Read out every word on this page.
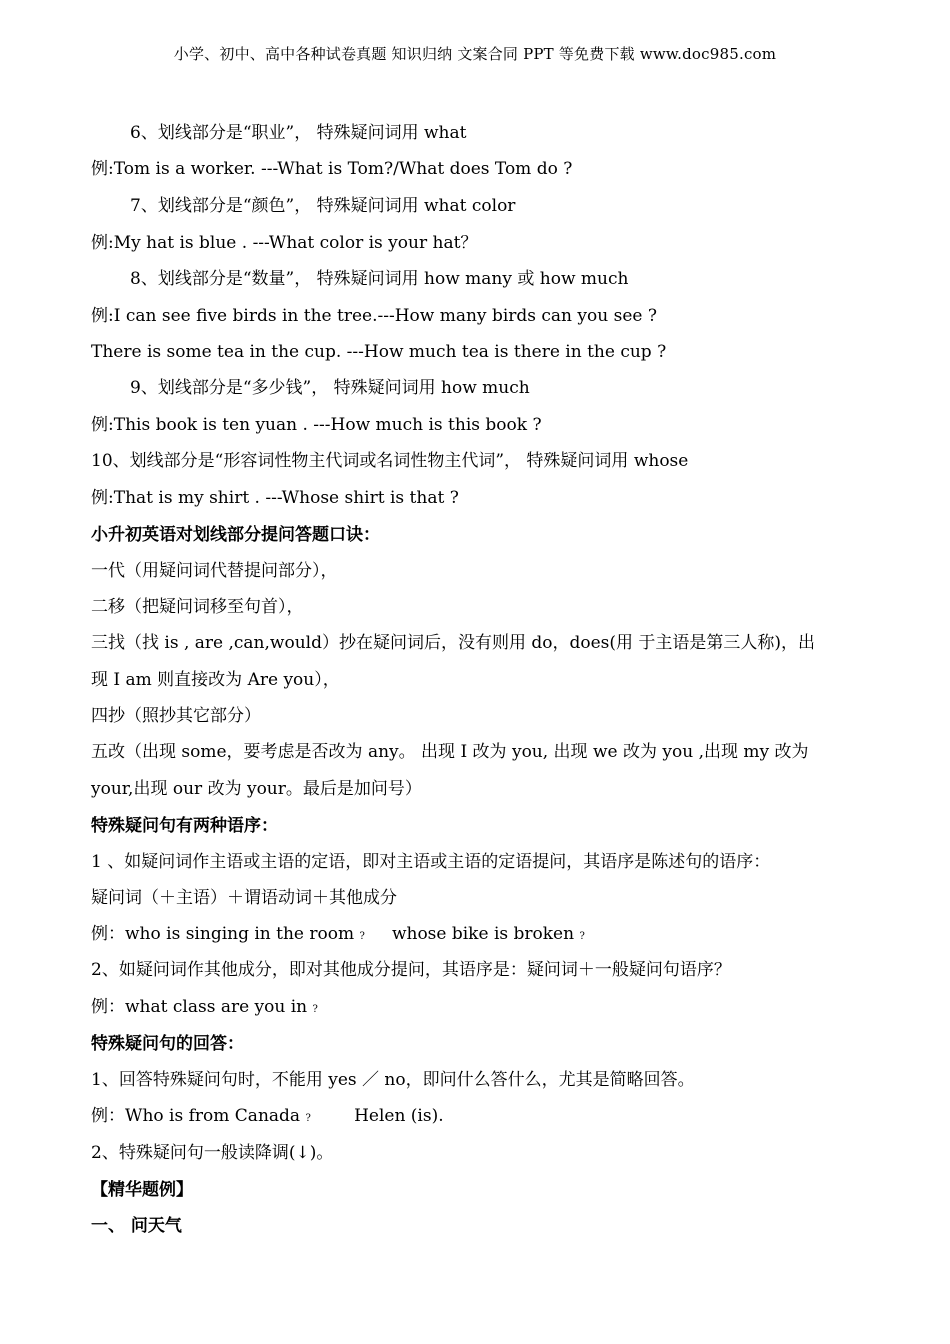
小学、初中、高中各种试卷真题 知识归纳 文案合同 PPT 等免费下载 www.doc985.com
6、划线部分是“职业”， 特殊疑问词用 what
例:Tom is a worker. ---What is Tom?/What does Tom do ?
7、划线部分是“颜色”， 特殊疑问词用 what color
例:My hat is blue . ---What color is your hat？
8、划线部分是“数量”， 特殊疑问词用 how many 或 how much
例:I can see five birds in the tree.---How many birds can you see ?
There is some tea in the cup. ---How much tea is there in the cup ?
9、划线部分是“多少钱”， 特殊疑问词用 how much
例:This book is ten yuan . ---How much is this book ?
10、划线部分是“形容词性物主代词或名词性物主代词”， 特殊疑问词用 whose
例:That is my shirt . ---Whose shirt is that ?
小升初英语对划线部分提问答题口诀：
一代（用疑问词代替提问部分），
二移（把疑问词移至句首），
三找（找 is , are ,can,would）抄在疑问词后，没有则用 do，does(用 于主语是第三人称)，出
现 I am 则直接改为 Are you），
四抄（照抄其它部分）
五改（出现 some，要考虑是否改为 any。 出现 I 改为 you, 出现 we 改为 you ,出现 my 改为
your,出现 our 改为 your。最后是加问号）
特殊疑问句有两种语序：
1 、如疑问词作主语或主语的定语，即对主语或主语的定语提问，其语序是陈述句的语序：
疑问词（＋主语）＋谓语动词＋其他成分
例：who is singing in the room ? whose bike is broken ?
2、如疑问词作其他成分，即对其他成分提问，其语序是：疑问词＋一般疑问句语序？
例：what class are you in ?
特殊疑问句的回答：
1、回答特殊疑问句时，不能用 yes ／ no，即问什么答什么，尤其是简略回答。
例：Who is from Canada ?	Helen (is).
2、特殊疑问句一般读降调(↓)。
【精华题例】
一、 问天气
